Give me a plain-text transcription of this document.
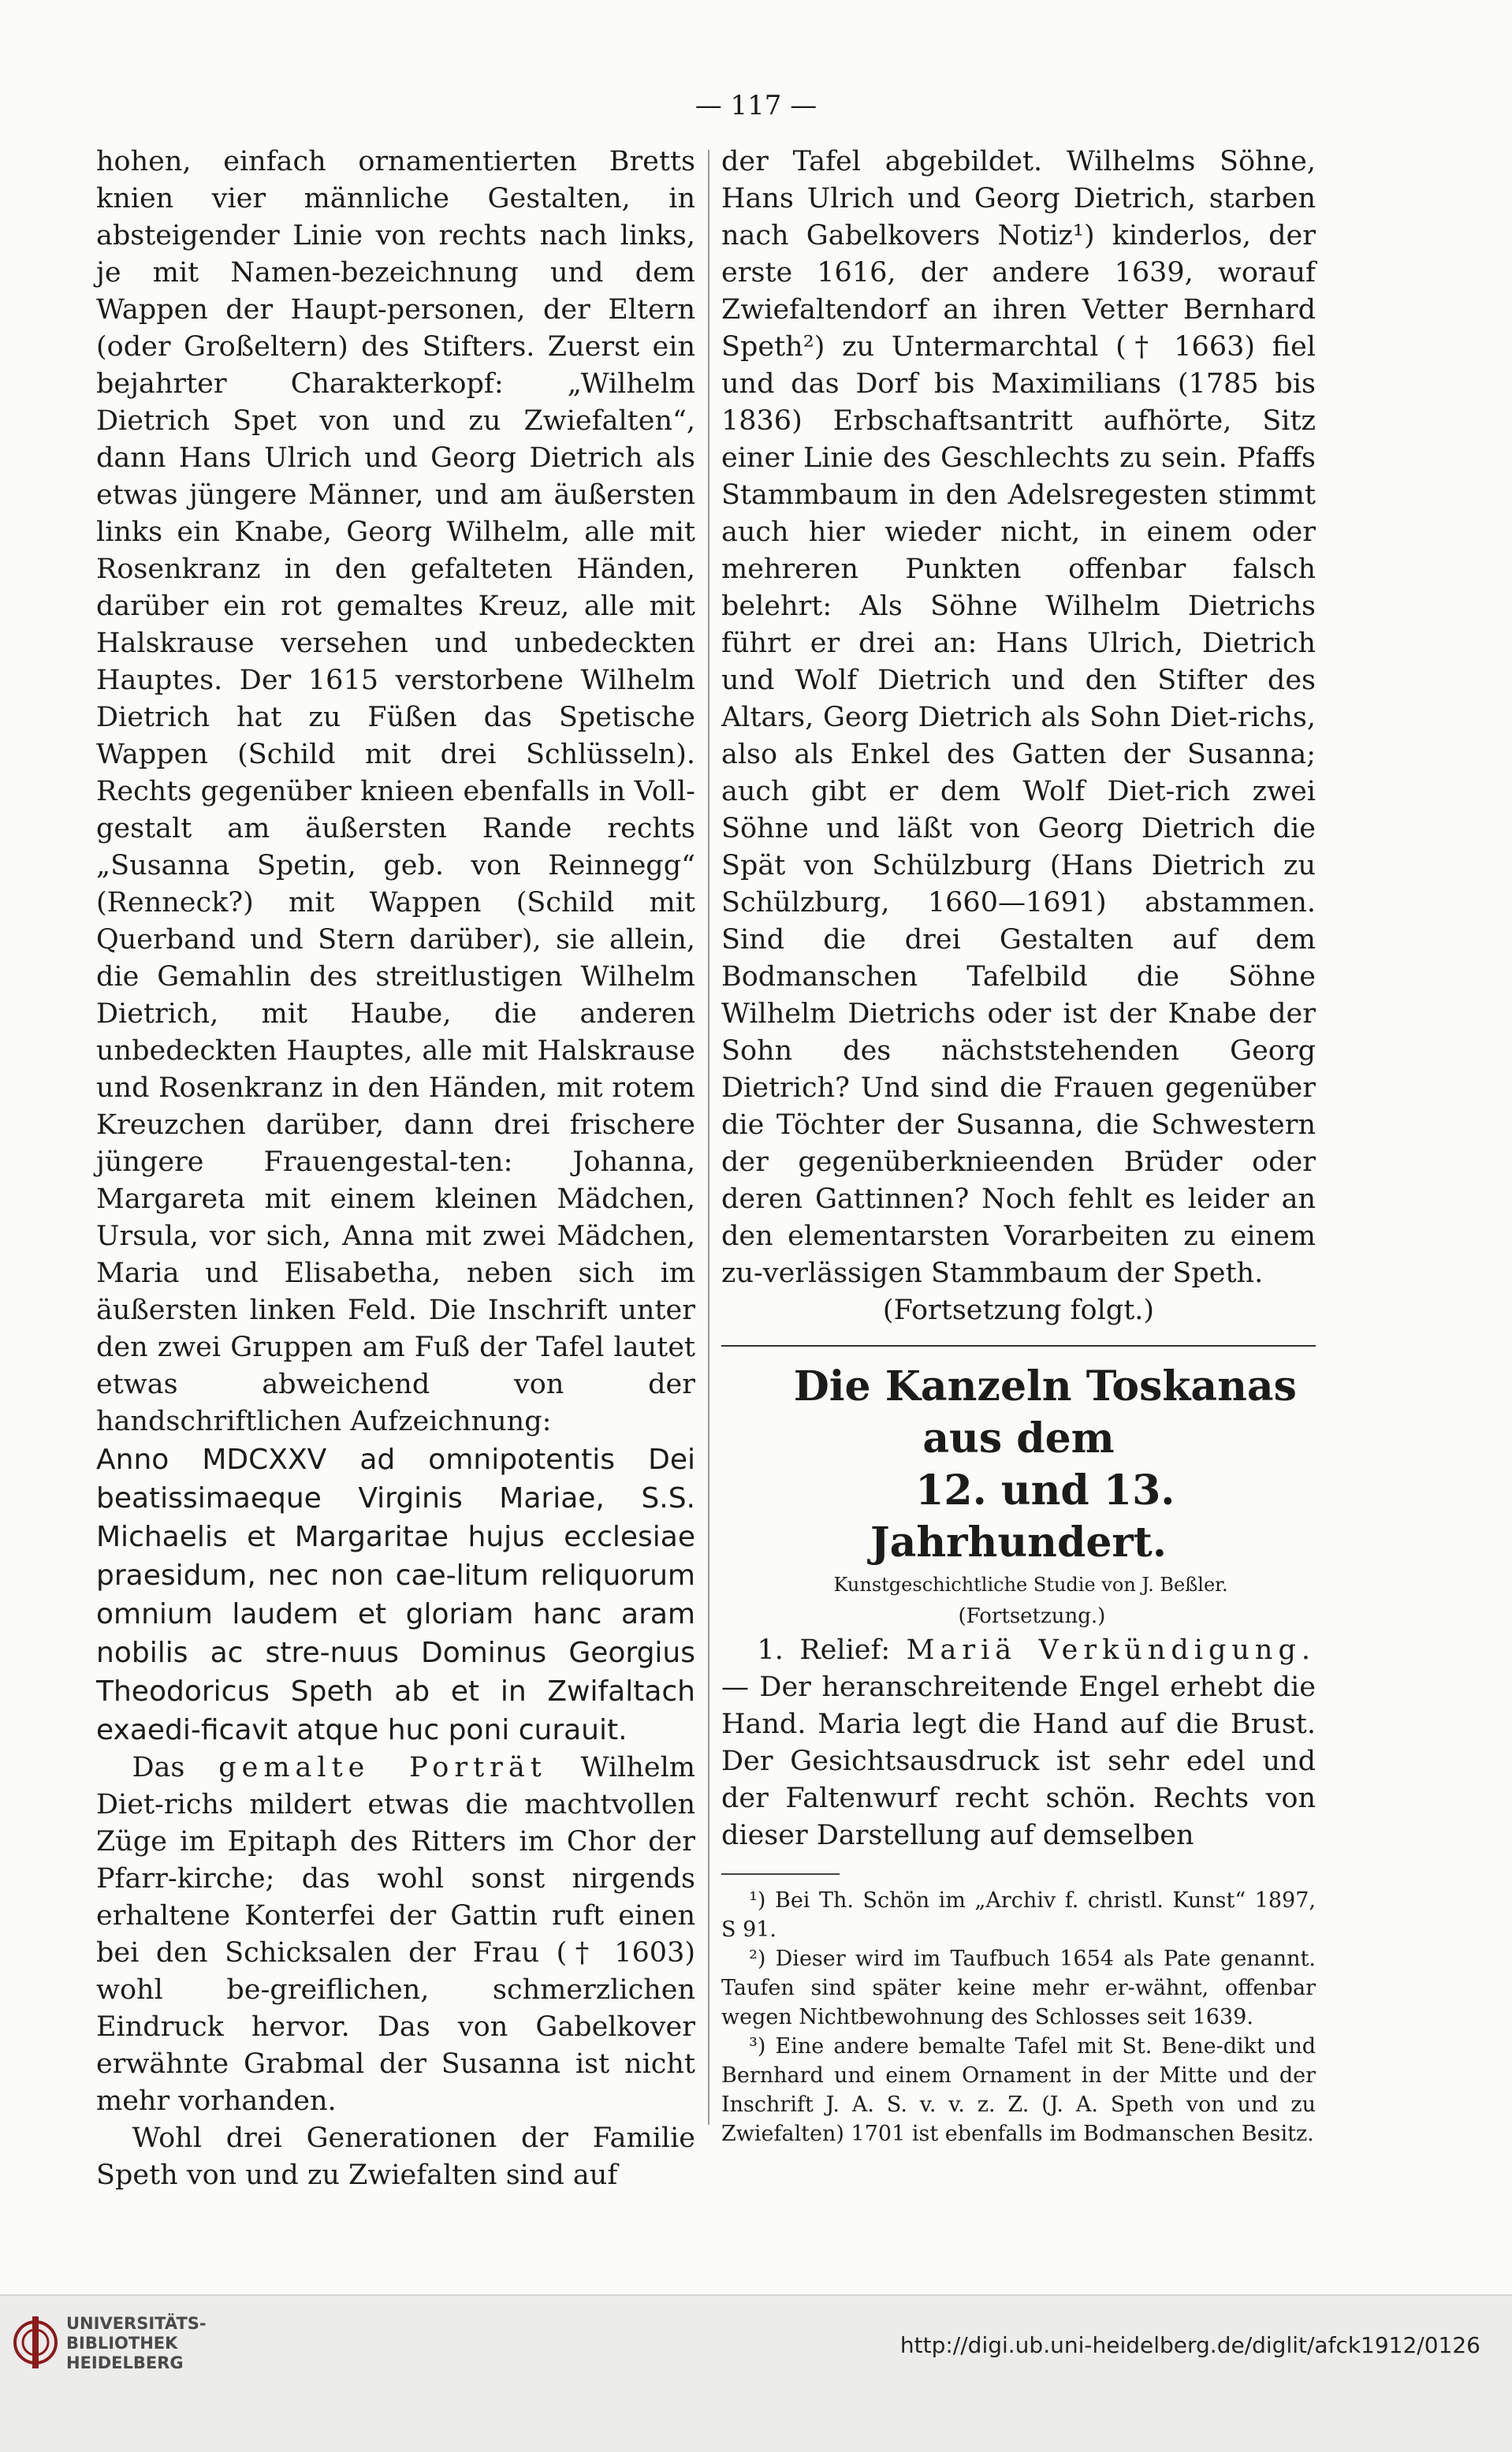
— 117 —

hohen, einfach ornamentierten Bretts knien vier männliche Gestalten, in absteigender Linie von rechts nach links, je mit Namen-bezeichnung und dem Wappen der Haupt-personen, der Eltern (oder Großeltern) des Stifters. Zuerst ein bejahrter Charakterkopf: „Wilhelm Dietrich Spet von und zu Zwiefalten“, dann Hans Ulrich und Georg Dietrich als etwas jüngere Männer, und am äußersten links ein Knabe, Georg Wilhelm, alle mit Rosenkranz in den gefalteten Händen, darüber ein rot gemaltes Kreuz, alle mit Halskrause versehen und unbedeckten Hauptes. Der 1615 verstorbene Wilhelm Dietrich hat zu Füßen das Spetische Wappen (Schild mit drei Schlüsseln). Rechts gegenüber knieen ebenfalls in Voll-gestalt am äußersten Rande rechts „Susanna Spetin, geb. von Reinnegg“ (Renneck?) mit Wappen (Schild mit Querband und Stern darüber), sie allein, die Gemahlin des streitlustigen Wilhelm Dietrich, mit Haube, die anderen unbedeckten Hauptes, alle mit Halskrause und Rosenkranz in den Händen, mit rotem Kreuzchen darüber, dann drei frischere jüngere Frauengestal-ten: Johanna, Margareta mit einem kleinen Mädchen, Ursula, vor sich, Anna mit zwei Mädchen, Maria und Elisabetha, neben sich im äußersten linken Feld. Die Inschrift unter den zwei Gruppen am Fuß der Tafel lautet etwas abweichend von der handschriftlichen Aufzeichnung:

Anno MDCXXV ad omnipotentis Dei beatissimaeque Virginis Mariae, S.S. Michaelis et Margaritae hujus ecclesiae praesidum, nec non cae-litum reliquorum omnium laudem et gloriam hanc aram nobilis ac stre-nuus Dominus Georgius Theodoricus Speth ab et in Zwifaltach exaedi-ficavit atque huc poni curauit.

Das gemalte Porträt Wilhelm Diet-richs mildert etwas die machtvollen Züge im Epitaph des Ritters im Chor der Pfarr-kirche; das wohl sonst nirgends erhaltene Konterfei der Gattin ruft einen bei den Schicksalen der Frau († 1603) wohl be-greiflichen, schmerzlichen Eindruck hervor. Das von Gabelkover erwähnte Grabmal der Susanna ist nicht mehr vorhanden.

Wohl drei Generationen der Familie Speth von und zu Zwiefalten sind auf

der Tafel abgebildet. Wilhelms Söhne, Hans Ulrich und Georg Dietrich, starben nach Gabelkovers Notiz¹) kinderlos, der erste 1616, der andere 1639, worauf Zwiefaltendorf an ihren Vetter Bernhard Speth²) zu Untermarchtal († 1663) fiel und das Dorf bis Maximilians (1785 bis 1836) Erbschaftsantritt aufhörte, Sitz einer Linie des Geschlechts zu sein. Pfaffs Stammbaum in den Adelsregesten stimmt auch hier wieder nicht, in einem oder mehreren Punkten offenbar falsch belehrt: Als Söhne Wilhelm Dietrichs führt er drei an: Hans Ulrich, Dietrich und Wolf Dietrich und den Stifter des Altars, Georg Dietrich als Sohn Diet-richs, also als Enkel des Gatten der Susanna; auch gibt er dem Wolf Diet-rich zwei Söhne und läßt von Georg Dietrich die Spät von Schülzburg (Hans Dietrich zu Schülzburg, 1660—1691) abstammen. Sind die drei Gestalten auf dem Bodmanschen Tafelbild die Söhne Wilhelm Dietrichs oder ist der Knabe der Sohn des nächststehenden Georg Dietrich? Und sind die Frauen gegenüber die Töchter der Susanna, die Schwestern der gegenüberknieenden Brüder oder deren Gattinnen? Noch fehlt es leider an den elementarsten Vorarbeiten zu einem zu-verlässigen Stammbaum der Speth.

(Fortsetzung folgt.)

Die Kanzeln Toskanas aus dem

12. und 13. Jahrhundert.

Kunstgeschichtliche Studie von J. Beßler.

(Fortsetzung.)

1. Relief: Mariä Verkündigung. — Der heranschreitende Engel erhebt die Hand. Maria legt die Hand auf die Brust. Der Gesichtsausdruck ist sehr edel und der Faltenwurf recht schön. Rechts von dieser Darstellung auf demselben

¹) Bei Th. Schön im „Archiv f. christl. Kunst“ 1897, S 91.

²) Dieser wird im Taufbuch 1654 als Pate genannt. Taufen sind später keine mehr er-wähnt, offenbar wegen Nichtbewohnung des Schlosses seit 1639.

³) Eine andere bemalte Tafel mit St. Bene-dikt und Bernhard und einem Ornament in der Mitte und der Inschrift J. A. S. v. v. z. Z. (J. A. Speth von und zu Zwiefalten) 1701 ist ebenfalls im Bodmanschen Besitz.

UNIVERSITÄTS-
BIBLIOTHEK
HEIDELBERG
http://digi.ub.uni-heidelberg.de/diglit/afck1912/0126
